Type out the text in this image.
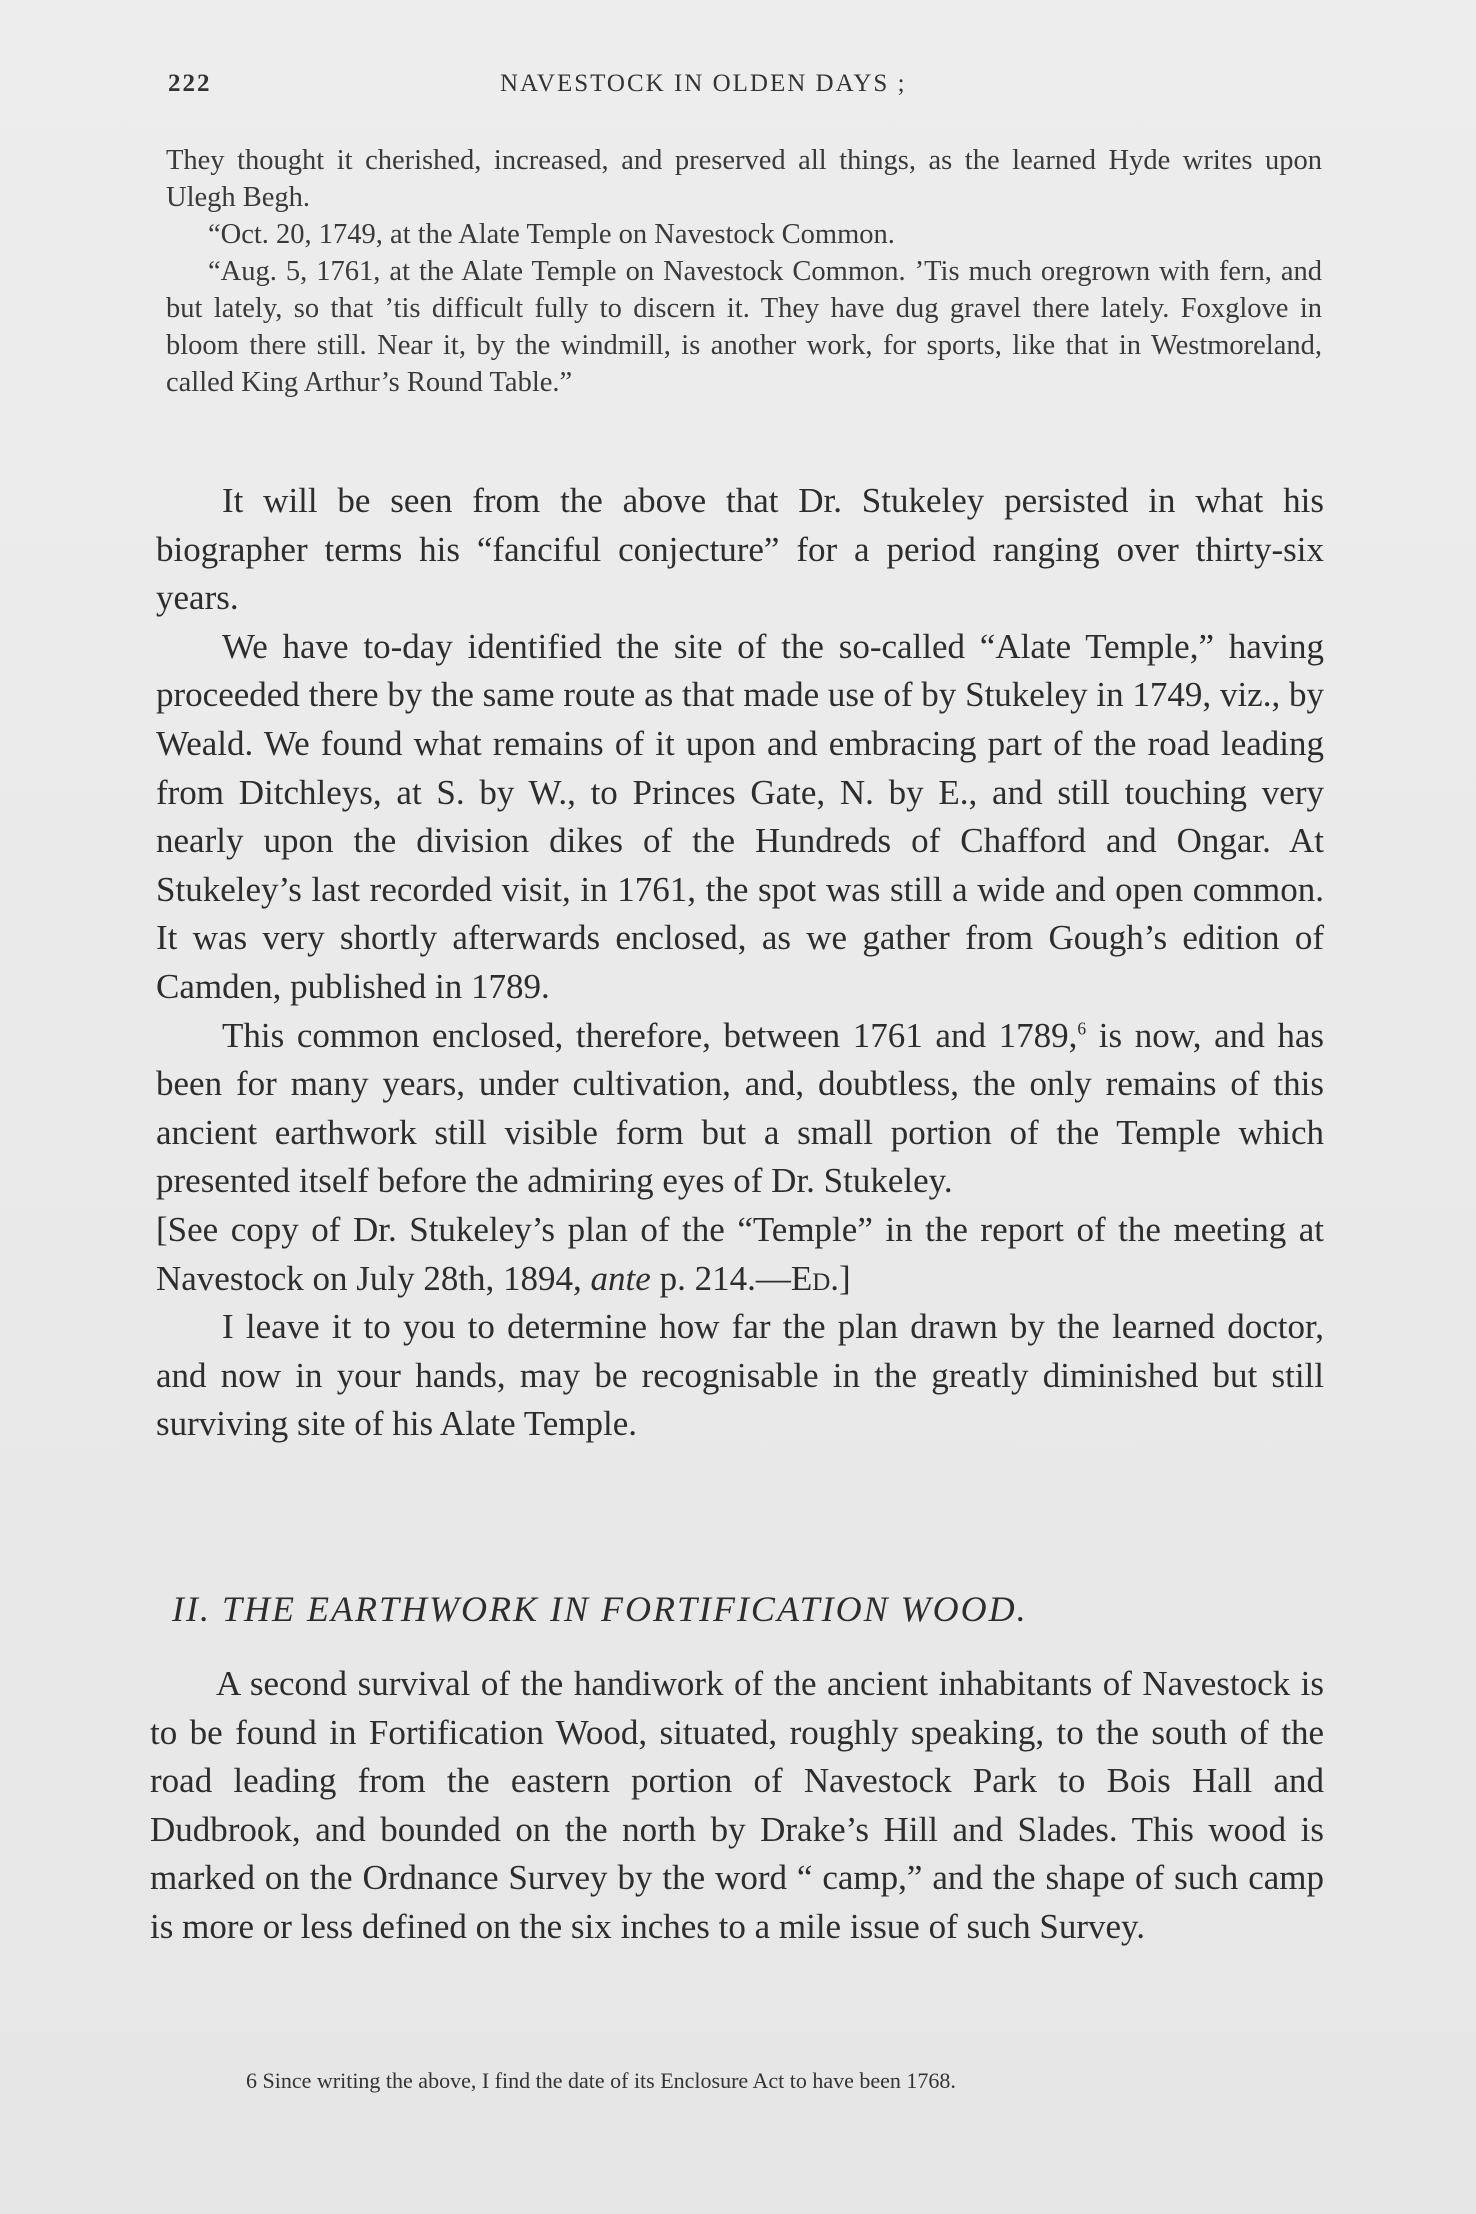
222	NAVESTOCK IN OLDEN DAYS ;

They thought it cherished, increased, and preserved all things, as the learned Hyde writes upon Ulegh Begh.

“Oct. 20, 1749, at the Alate Temple on Navestock Common.

“Aug. 5, 1761, at the Alate Temple on Navestock Common. ’Tis much oregrown with fern, and but lately, so that ’tis difficult fully to discern it. They have dug gravel there lately. Foxglove in bloom there still. Near it, by the windmill, is another work, for sports, like that in Westmoreland, called King Arthur’s Round Table.”

It will be seen from the above that Dr. Stukeley persisted in what his biographer terms his “fanciful conjecture” for a period ranging over thirty-six years.

We have to-day identified the site of the so-called “Alate Temple,” having proceeded there by the same route as that made use of by Stukeley in 1749, viz., by Weald. We found what remains of it upon and embracing part of the road leading from Ditchleys, at S. by W., to Princes Gate, N. by E., and still touching very nearly upon the division dikes of the Hundreds of Chafford and Ongar. At Stukeley’s last recorded visit, in 1761, the spot was still a wide and open common. It was very shortly afterwards enclosed, as we gather from Gough’s edition of Camden, published in 1789.

This common enclosed, therefore, between 1761 and 1789,$^6$ is now, and has been for many years, under cultivation, and, doubtless, the only remains of this ancient earthwork still visible form but a small portion of the Temple which presented itself before the admiring eyes of Dr. Stukeley.

[See copy of Dr. Stukeley’s plan of the “Temple” in the report of the meeting at Navestock on July 28th, 1894, ante p. 214.—Ed.]

I leave it to you to determine how far the plan drawn by the learned doctor, and now in your hands, may be recognisable in the greatly diminished but still surviving site of his Alate Temple.

II. THE EARTHWORK IN FORTIFICATION WOOD.

A second survival of the handiwork of the ancient inhabitants of Navestock is to be found in Fortification Wood, situated, roughly speaking, to the south of the road leading from the eastern portion of Navestock Park to Bois Hall and Dudbrook, and bounded on the north by Drake’s Hill and Slades. This wood is marked on the Ordnance Survey by the word “ camp,” and the shape of such camp is more or less defined on the six inches to a mile issue of such Survey.

6 Since writing the above, I find the date of its Enclosure Act to have been 1768.
